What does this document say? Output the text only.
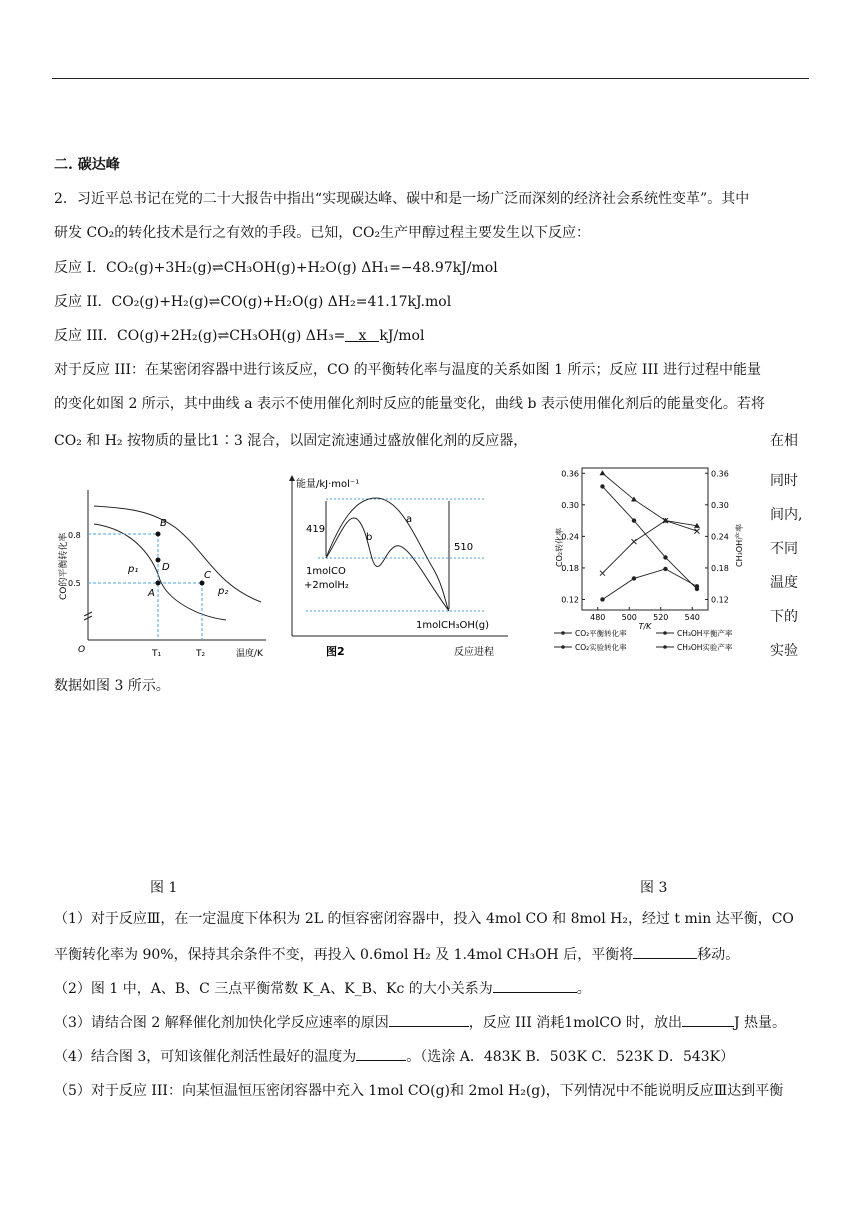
二. 碳达峰
2．习近平总书记在党的二十大报告中指出“实现碳达峰、碳中和是一场广泛而深刻的经济社会系统性变革”。其中
研发 CO₂的转化技术是行之有效的手段。已知，CO₂生产甲醇过程主要发生以下反应：
反应 I．CO₂(g)+3H₂(g)⇌CH₃OH(g)+H₂O(g) ΔH₁=−48.97kJ/mol
反应 II．CO₂(g)+H₂(g)⇌CO(g)+H₂O(g) ΔH₂=41.17kJ.mol
反应 III．CO(g)+2H₂(g)⇌CH₃OH(g) ΔH₃= x kJ/mol
对于反应 III：在某密闭容器中进行该反应，CO 的平衡转化率与温度的关系如图 1 所示；反应 III 进行过程中能量
的变化如图 2 所示，其中曲线 a 表示不使用催化剂时反应的能量变化，曲线 b 表示使用催化剂后的能量变化。若将
CO₂ 和 H₂ 按物质的量比1∶3 混合，以固定流速通过盛放催化剂的反应器，	在相
同时
间内,
不同
温度
下的
实验
数据如图 3 所示。
B
D
A
C
p₁
p₂
0.8
0.5
T₁	T₂	温度/K
O
CO的平衡转化率
能量/kJ·mol⁻¹
419
510
a
b
1molCO
+2molH₂
1molCH₃OH(g)
图2	反应进程
0.12	0.12
0.18	0.18
0.24	0.24
0.30	0.30
0.36	0.36
480 500 520 540
T/K
CO₂转化率	CH₃OH产率
CO₂平衡转化率
CO₂实验转化率
CH₃OH平衡产率
CH₃OH实验产率
图 1	图 3
（1）对于反应Ⅲ，在一定温度下体积为 2L 的恒容密闭容器中，投入 4mol CO 和 8mol H₂，经过 t min 达平衡，CO
平衡转化率为 90%，保持其余条件不变，再投入 0.6mol H₂ 及 1.4mol CH₃OH 后，平衡将	移动。
（2）图 1 中，A、B、C 三点平衡常数 K_A、K_B、Kc 的大小关系为	。
（3）请结合图 2 解释催化剂加快化学反应速率的原因	，反应 III 消耗1molCO 时，放出	J 热量。
（4）结合图 3，可知该催化剂活性最好的温度为	。（选涂 A．483K B．503K C．523K D．543K）
（5）对于反应 III：向某恒温恒压密闭容器中充入 1mol CO(g)和 2mol H₂(g)，下列情况中不能说明反应Ⅲ达到平衡
